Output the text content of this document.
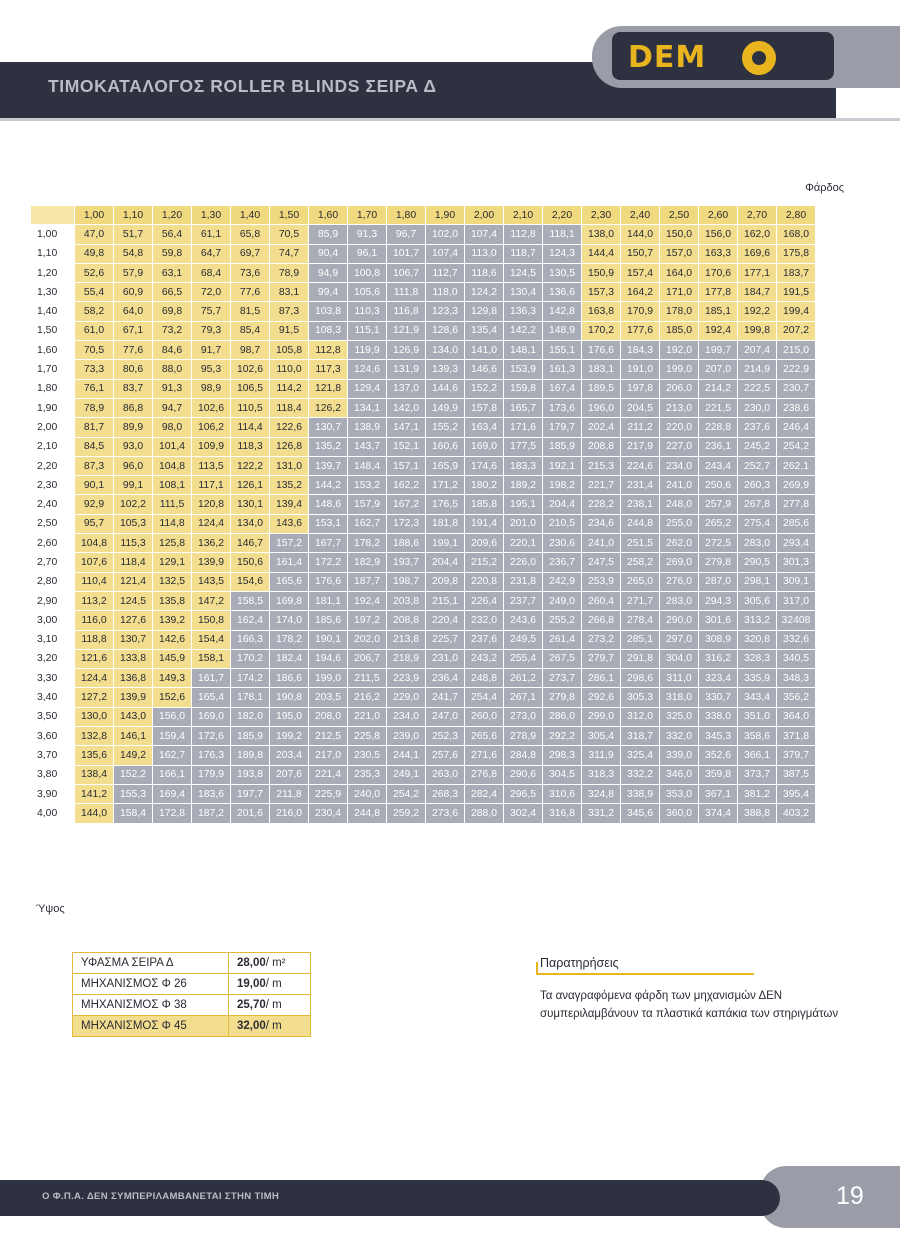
ΤΙΜΟΚΑΤΑΛΟΓΟΣ ROLLER BLINDS ΣΕΙΡΑ Δ
DEM
systems
Φάρδος
Ύψος
	1,00	1,10	1,20	1,30	1,40	1,50	1,60	1,70	1,80	1,90	2,00	2,10	2,20	2,30	2,40	2,50	2,60	2,70	2,80
1,00	47,0	51,7	56,4	61,1	65,8	70,5	85,9	91,3	96,7	102,0	107,4	112,8	118,1	138,0	144,0	150,0	156,0	162,0	168,0
1,10	49,8	54,8	59,8	64,7	69,7	74,7	90,4	96,1	101,7	107,4	113,0	118,7	124,3	144,4	150,7	157,0	163,3	169,6	175,8
1,20	52,6	57,9	63,1	68,4	73,6	78,9	94,9	100,8	106,7	112,7	118,6	124,5	130,5	150,9	157,4	164,0	170,6	177,1	183,7
1,30	55,4	60,9	66,5	72,0	77,6	83,1	99,4	105,6	111,8	118,0	124,2	130,4	136,6	157,3	164,2	171,0	177,8	184,7	191,5
1,40	58,2	64,0	69,8	75,7	81,5	87,3	103,8	110,3	116,8	123,3	129,8	136,3	142,8	163,8	170,9	178,0	185,1	192,2	199,4
1,50	61,0	67,1	73,2	79,3	85,4	91,5	108,3	115,1	121,9	128,6	135,4	142,2	148,9	170,2	177,6	185,0	192,4	199,8	207,2
1,60	70,5	77,6	84,6	91,7	98,7	105,8	112,8	119,9	126,9	134,0	141,0	148,1	155,1	176,6	184,3	192,0	199,7	207,4	215,0
1,70	73,3	80,6	88,0	95,3	102,6	110,0	117,3	124,6	131,9	139,3	146,6	153,9	161,3	183,1	191,0	199,0	207,0	214,9	222,9
1,80	76,1	83,7	91,3	98,9	106,5	114,2	121,8	129,4	137,0	144,6	152,2	159,8	167,4	189,5	197,8	206,0	214,2	222,5	230,7
1,90	78,9	86,8	94,7	102,6	110,5	118,4	126,2	134,1	142,0	149,9	157,8	165,7	173,6	196,0	204,5	213,0	221,5	230,0	238,6
2,00	81,7	89,9	98,0	106,2	114,4	122,6	130,7	138,9	147,1	155,2	163,4	171,6	179,7	202,4	211,2	220,0	228,8	237,6	246,4
2,10	84,5	93,0	101,4	109,9	118,3	126,8	135,2	143,7	152,1	160,6	169,0	177,5	185,9	208,8	217,9	227,0	236,1	245,2	254,2
2,20	87,3	96,0	104,8	113,5	122,2	131,0	139,7	148,4	157,1	165,9	174,6	183,3	192,1	215,3	224,6	234,0	243,4	252,7	262,1
2,30	90,1	99,1	108,1	117,1	126,1	135,2	144,2	153,2	162,2	171,2	180,2	189,2	198,2	221,7	231,4	241,0	250,6	260,3	269,9
2,40	92,9	102,2	111,5	120,8	130,1	139,4	148,6	157,9	167,2	176,5	185,8	195,1	204,4	228,2	238,1	248,0	257,9	267,8	277,8
2,50	95,7	105,3	114,8	124,4	134,0	143,6	153,1	162,7	172,3	181,8	191,4	201,0	210,5	234,6	244,8	255,0	265,2	275,4	285,6
2,60	104,8	115,3	125,8	136,2	146,7	157,2	167,7	178,2	188,6	199,1	209,6	220,1	230,6	241,0	251,5	262,0	272,5	283,0	293,4
2,70	107,6	118,4	129,1	139,9	150,6	161,4	172,2	182,9	193,7	204,4	215,2	226,0	236,7	247,5	258,2	269,0	279,8	290,5	301,3
2,80	110,4	121,4	132,5	143,5	154,6	165,6	176,6	187,7	198,7	209,8	220,8	231,8	242,9	253,9	265,0	276,0	287,0	298,1	309,1
2,90	113,2	124,5	135,8	147,2	158,5	169,8	181,1	192,4	203,8	215,1	226,4	237,7	249,0	260,4	271,7	283,0	294,3	305,6	317,0
3,00	116,0	127,6	139,2	150,8	162,4	174,0	185,6	197,2	208,8	220,4	232,0	243,6	255,2	266,8	278,4	290,0	301,6	313,2	32408
3,10	118,8	130,7	142,6	154,4	166,3	178,2	190,1	202,0	213,8	225,7	237,6	249,5	261,4	273,2	285,1	297,0	308,9	320,8	332,6
3,20	121,6	133,8	145,9	158,1	170,2	182,4	194,6	206,7	218,9	231,0	243,2	255,4	267,5	279,7	291,8	304,0	316,2	328,3	340,5
3,30	124,4	136,8	149,3	161,7	174,2	186,6	199,0	211,5	223,9	236,4	248,8	261,2	273,7	286,1	298,6	311,0	323,4	335,9	348,3
3,40	127,2	139,9	152,6	165,4	178,1	190,8	203,5	216,2	229,0	241,7	254,4	267,1	279,8	292,6	305,3	318,0	330,7	343,4	356,2
3,50	130,0	143,0	156,0	169,0	182,0	195,0	208,0	221,0	234,0	247,0	260,0	273,0	286,0	299,0	312,0	325,0	338,0	351,0	364,0
3,60	132,8	146,1	159,4	172,6	185,9	199,2	212,5	225,8	239,0	252,3	265,6	278,9	292,2	305,4	318,7	332,0	345,3	358,6	371,8
3,70	135,6	149,2	162,7	176,3	189,8	203,4	217,0	230,5	244,1	257,6	271,6	284,8	298,3	311,9	325,4	339,0	352,6	366,1	379,7
3,80	138,4	152,2	166,1	179,9	193,8	207,6	221,4	235,3	249,1	263,0	276,8	290,6	304,5	318,3	332,2	346,0	359,8	373,7	387,5
3,90	141,2	155,3	169,4	183,6	197,7	211,8	225,9	240,0	254,2	268,3	282,4	296,5	310,6	324,8	338,9	353,0	367,1	381,2	395,4
4,00	144,0	158,4	172,8	187,2	201,6	216,0	230,4	244,8	259,2	273,6	288,0	302,4	316,8	331,2	345,6	360,0	374,4	388,8	403,2
ΥΦΑΣΜΑ ΣΕΙΡΑ Δ	28,00/ m²
ΜΗΧΑΝΙΣΜΟΣ Φ 26	19,00/ m
ΜΗΧΑΝΙΣΜΟΣ Φ 38	25,70/ m
ΜΗΧΑΝΙΣΜΟΣ Φ 45	32,00/ m
Παρατηρήσεις
Τα αναγραφόμενα φάρδη των μηχανισμών ΔΕΝ συμπεριλαμβάνουν τα πλαστικά καπάκια των στηριγμάτων
Ο Φ.Π.Α. ΔΕΝ ΣΥΜΠΕΡΙΛΑΜΒΑΝΕΤΑΙ ΣΤΗΝ ΤΙΜΗ	19
